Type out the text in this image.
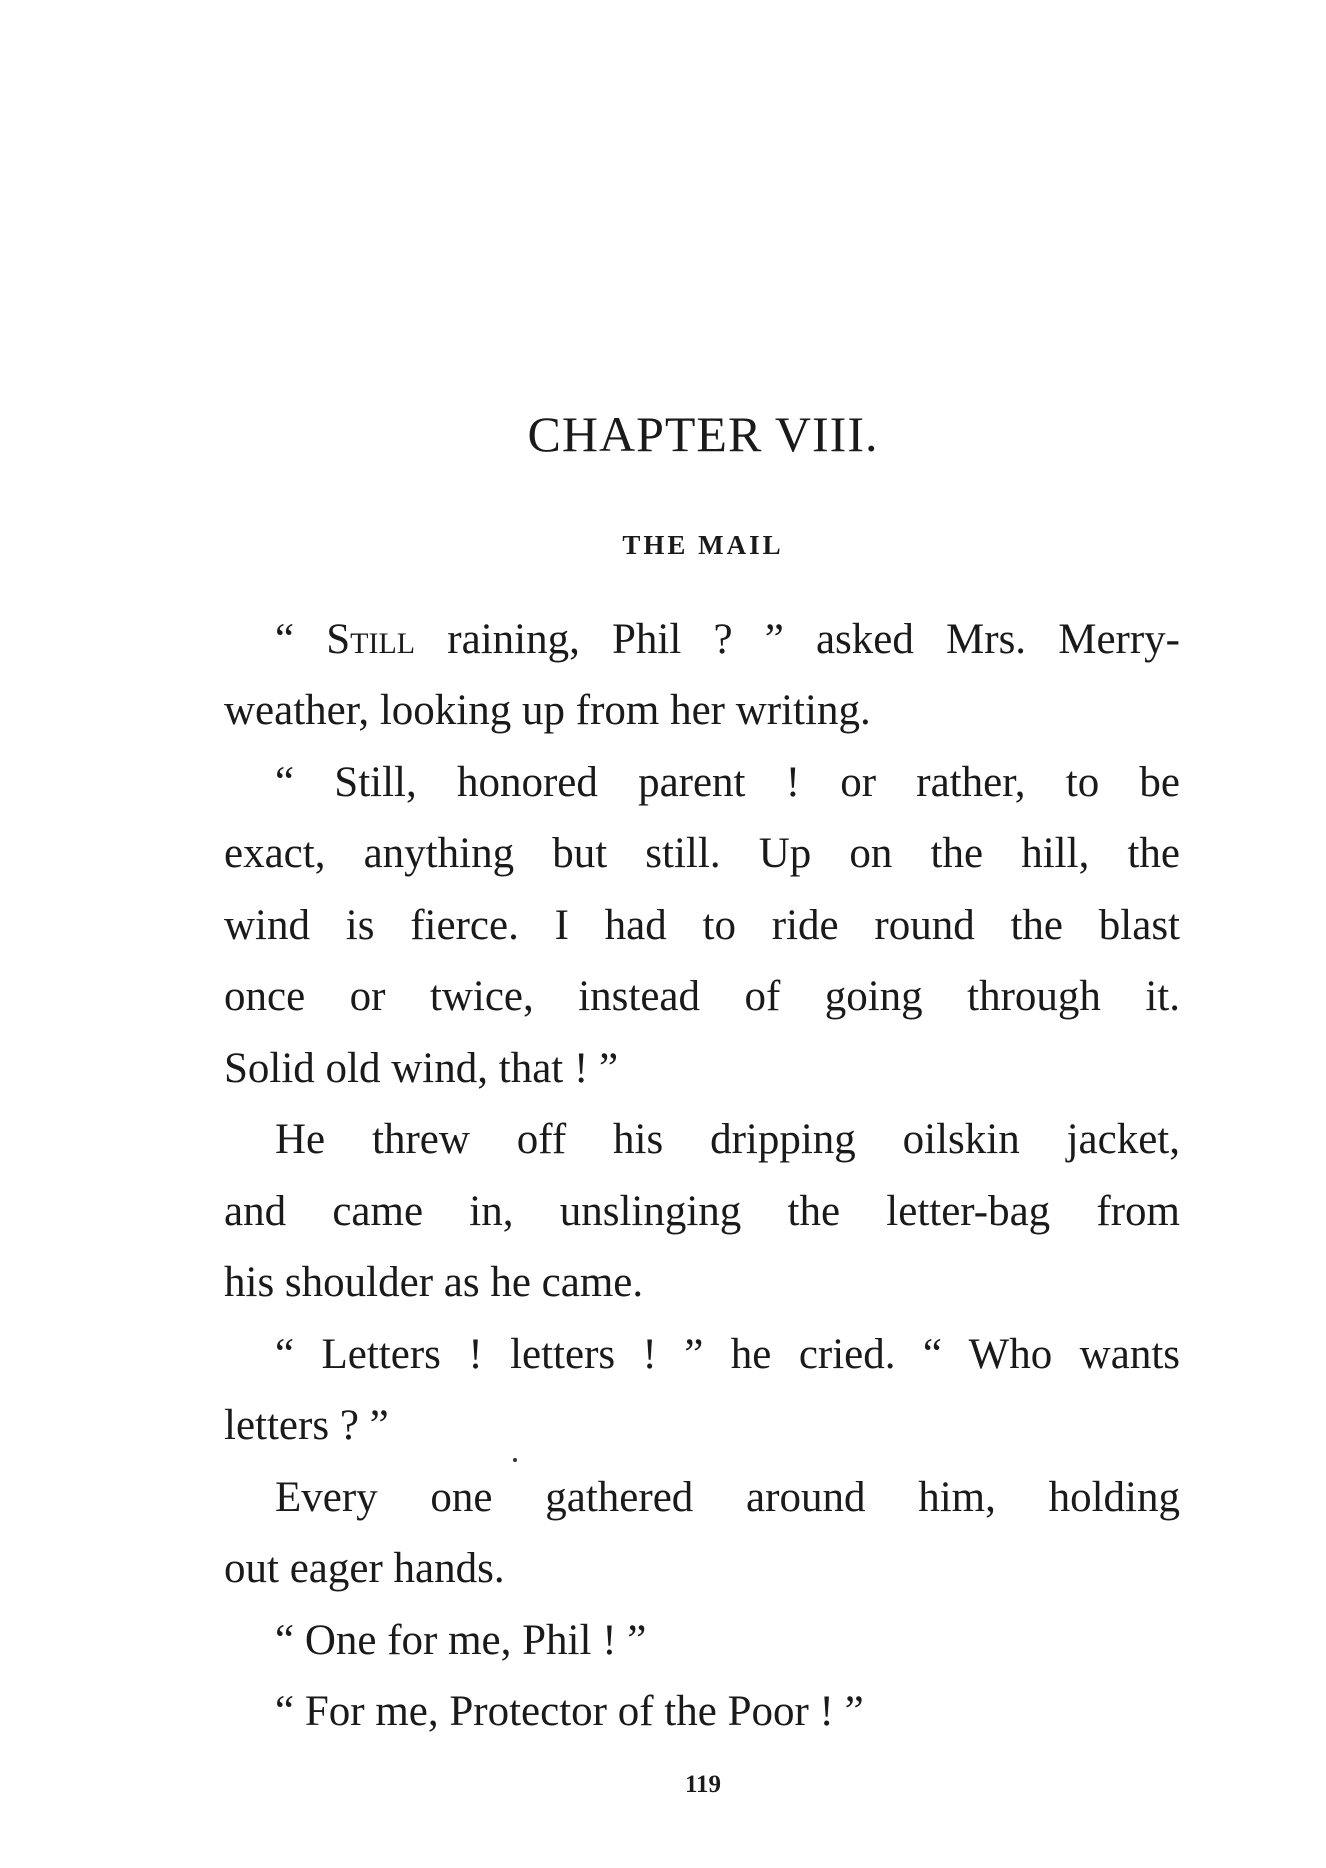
CHAPTER VIII.
THE MAIL
“ Still raining, Phil ? ” asked Mrs. Merry-
weather, looking up from her writing.
“ Still, honored parent ! or rather, to be
exact, anything but still. Up on the hill, the
wind is fierce. I had to ride round the blast
once or twice, instead of going through it.
Solid old wind, that ! ”
He threw off his dripping oilskin jacket,
and came in, unslinging the letter-bag from
his shoulder as he came.
“ Letters ! letters ! ” he cried. “ Who wants
letters ? ”
Every one gathered around him, holding
out eager hands.
“ One for me, Phil ! ”
“ For me, Protector of the Poor ! ”
119
